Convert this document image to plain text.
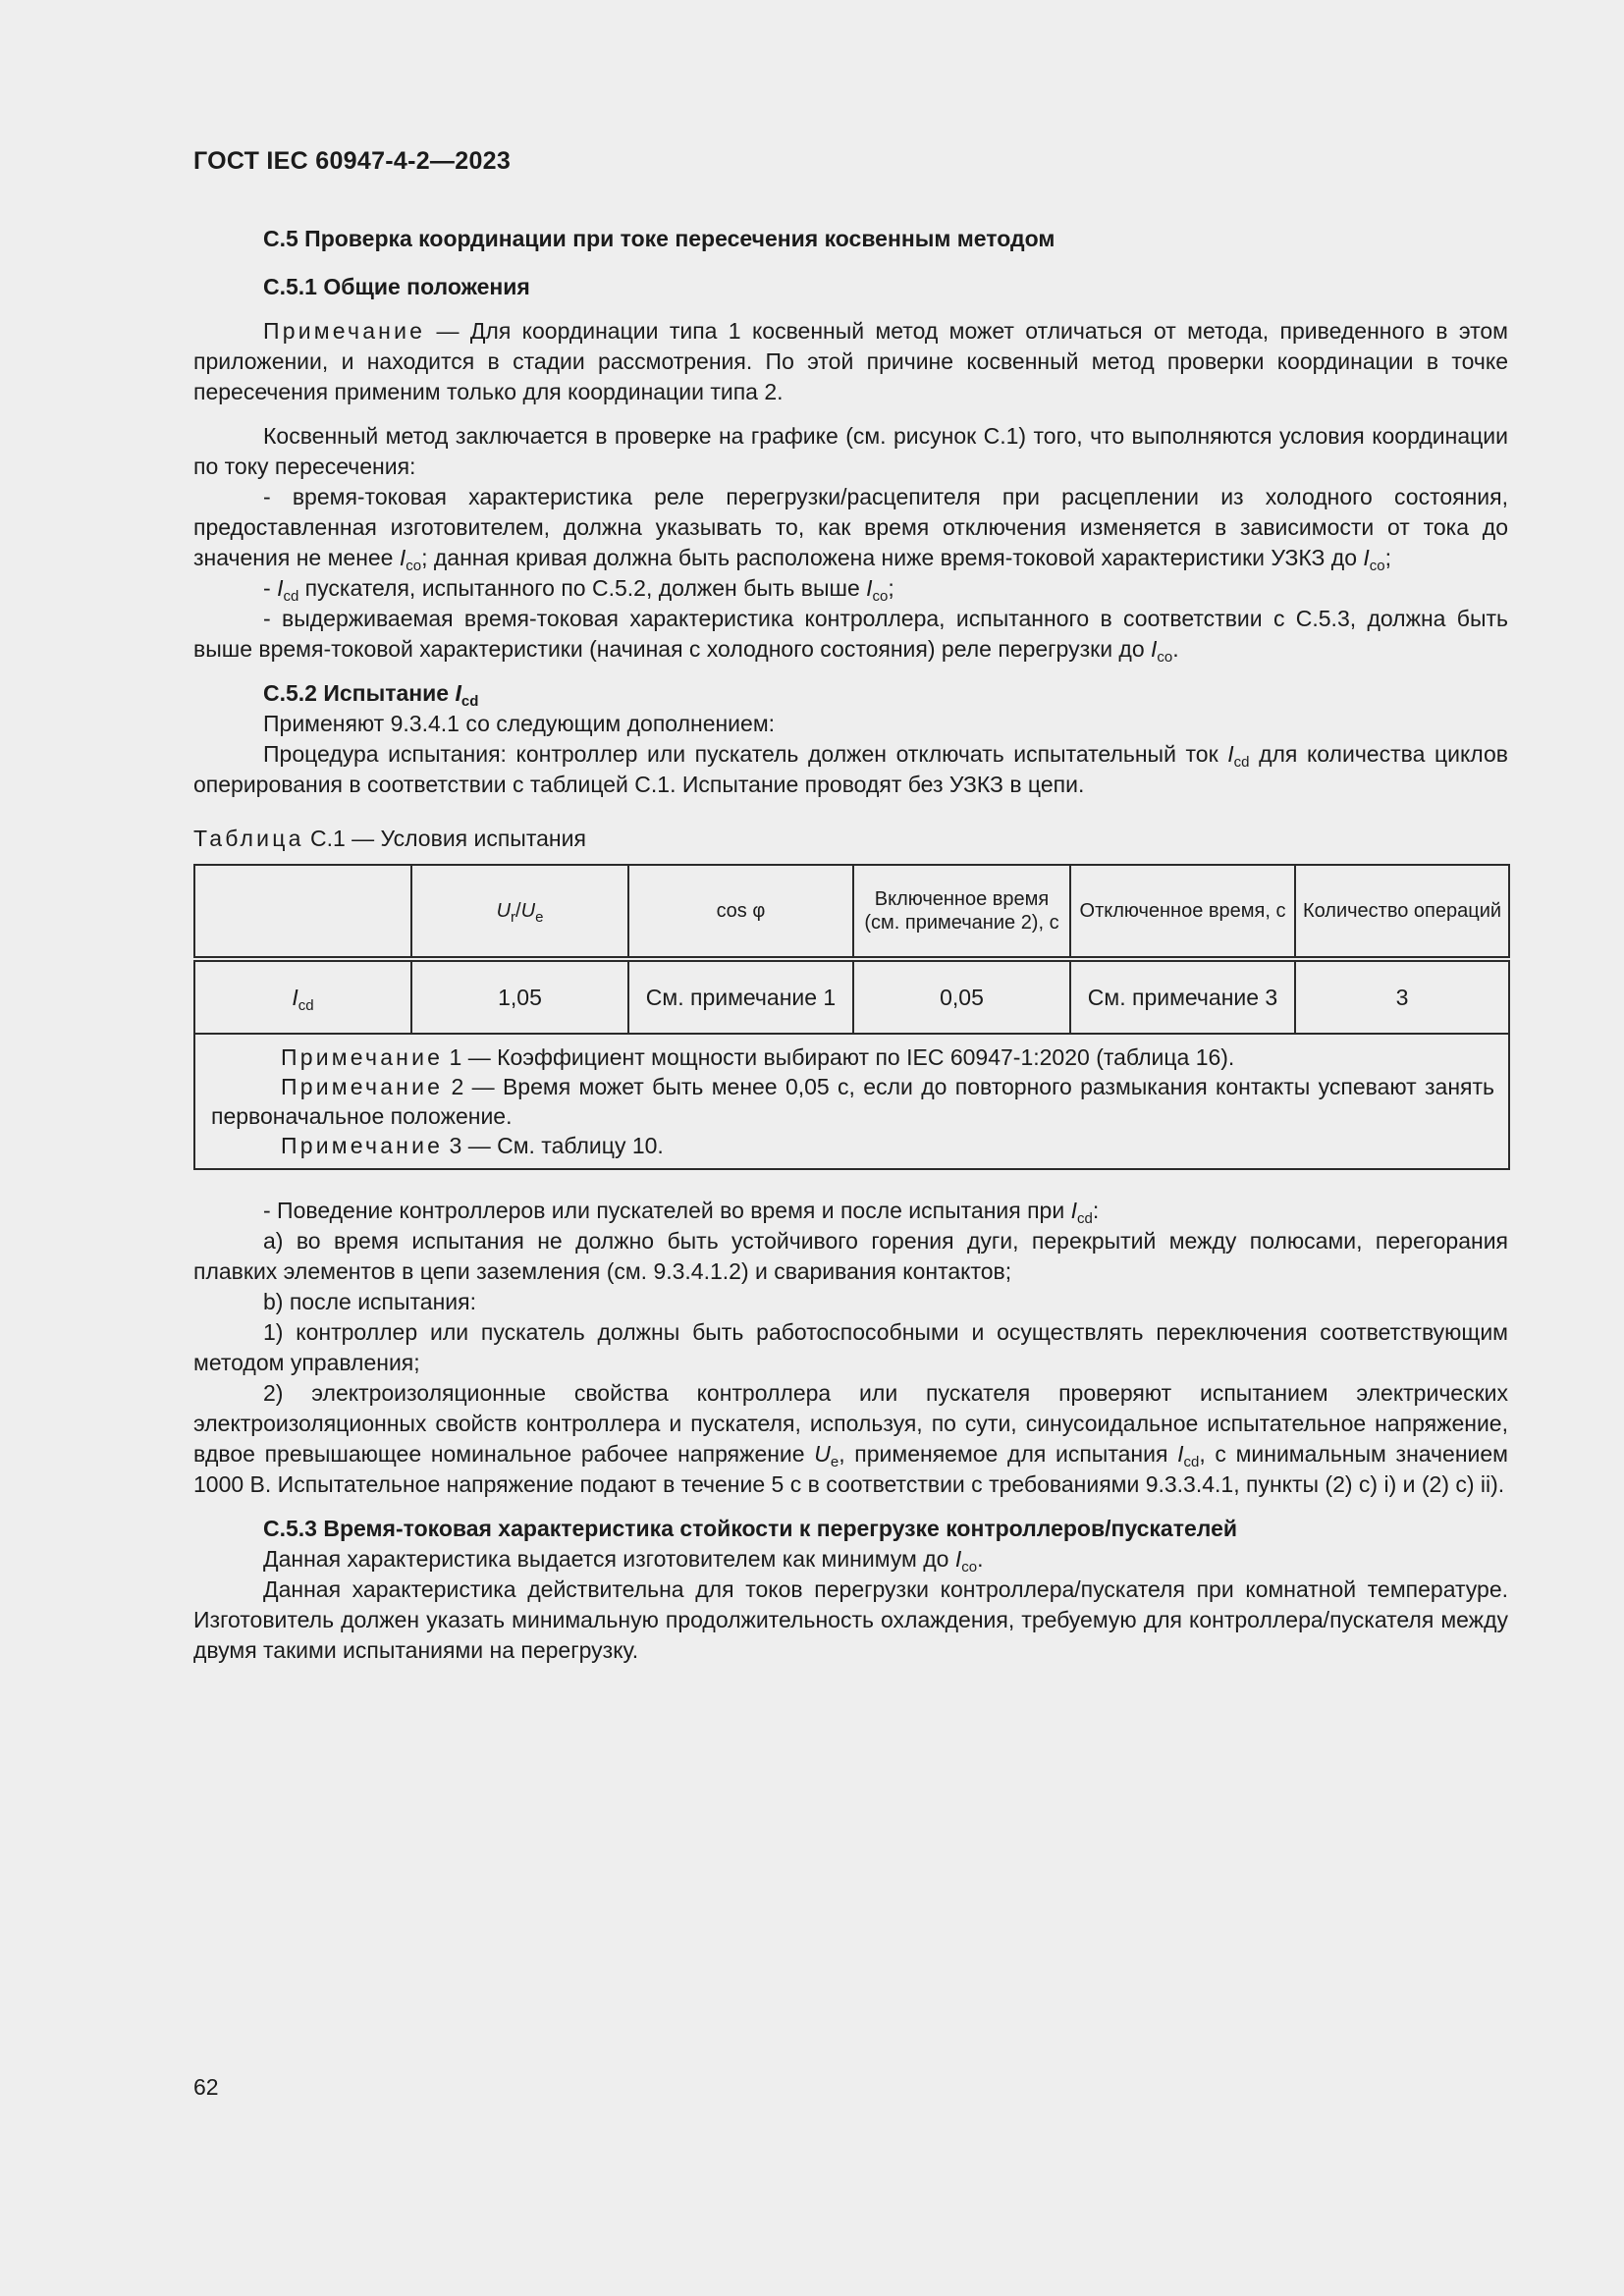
ГОСТ IEC 60947-4-2—2023

С.5 Проверка координации при токе пересечения косвенным методом

С.5.1 Общие положения

Примечание — Для координации типа 1 косвенный метод может отличаться от метода, приведенного в этом приложении, и находится в стадии рассмотрения. По этой причине косвенный метод проверки координации в точке пересечения применим только для координации типа 2.

Косвенный метод заключается в проверке на графике (см. рисунок С.1) того, что выполняются условия координации по току пересечения:

- время-токовая характеристика реле перегрузки/расцепителя при расцеплении из холодного состояния, предоставленная изготовителем, должна указывать то, как время отключения изменяется в зависимости от тока до значения не менее $I_{co}$; данная кривая должна быть расположена ниже время-токовой характеристики УЗКЗ до $I_{co}$;

- $I_{cd}$ пускателя, испытанного по С.5.2, должен быть выше $I_{co}$;

- выдерживаемая время-токовая характеристика контроллера, испытанного в соответствии с С.5.3, должна быть выше время-токовой характеристики (начиная с холодного состояния) реле перегрузки до $I_{co}$.

С.5.2 Испытание $I_{cd}$

Применяют 9.3.4.1 со следующим дополнением:

Процедура испытания: контроллер или пускатель должен отключать испытательный ток $I_{cd}$ для количества циклов оперирования в соответствии с таблицей С.1. Испытание проводят без УЗКЗ в цепи.

Таблица С.1 — Условия испытания

	$U_r/U_e$	cos φ	Включенное время (см. примечание 2), с	Отключенное время, с	Количество операций
$I_{cd}$	1,05	См. примечание 1	0,05	См. примечание 3	3

Примечание 1 — Коэффициент мощности выбирают по IEC 60947-1:2020 (таблица 16).

Примечание 2 — Время может быть менее 0,05 с, если до повторного размыкания контакты успевают занять первоначальное положение.

Примечание 3 — См. таблицу 10.					

- Поведение контроллеров или пускателей во время и после испытания при $I_{cd}$:

a) во время испытания не должно быть устойчивого горения дуги, перекрытий между полюсами, перегорания плавких элементов в цепи заземления (см. 9.3.4.1.2) и сваривания контактов;

b) после испытания:

1) контроллер или пускатель должны быть работоспособными и осуществлять переключения соответствующим методом управления;

2) электроизоляционные свойства контроллера или пускателя проверяют испытанием электрических электроизоляционных свойств контроллера и пускателя, используя, по сути, синусоидальное испытательное напряжение, вдвое превышающее номинальное рабочее напряжение $U_e$, применяемое для испытания $I_{cd}$, с минимальным значением 1000 В. Испытательное напряжение подают в течение 5 с в соответствии с требованиями 9.3.3.4.1, пункты (2) c) i) и (2) c) ii).

С.5.3 Время-токовая характеристика стойкости к перегрузке контроллеров/пускателей

Данная характеристика выдается изготовителем как минимум до $I_{co}$.

Данная характеристика действительна для токов перегрузки контроллера/пускателя при комнатной температуре. Изготовитель должен указать минимальную продолжительность охлаждения, требуемую для контроллера/пускателя между двумя такими испытаниями на перегрузку.

62
